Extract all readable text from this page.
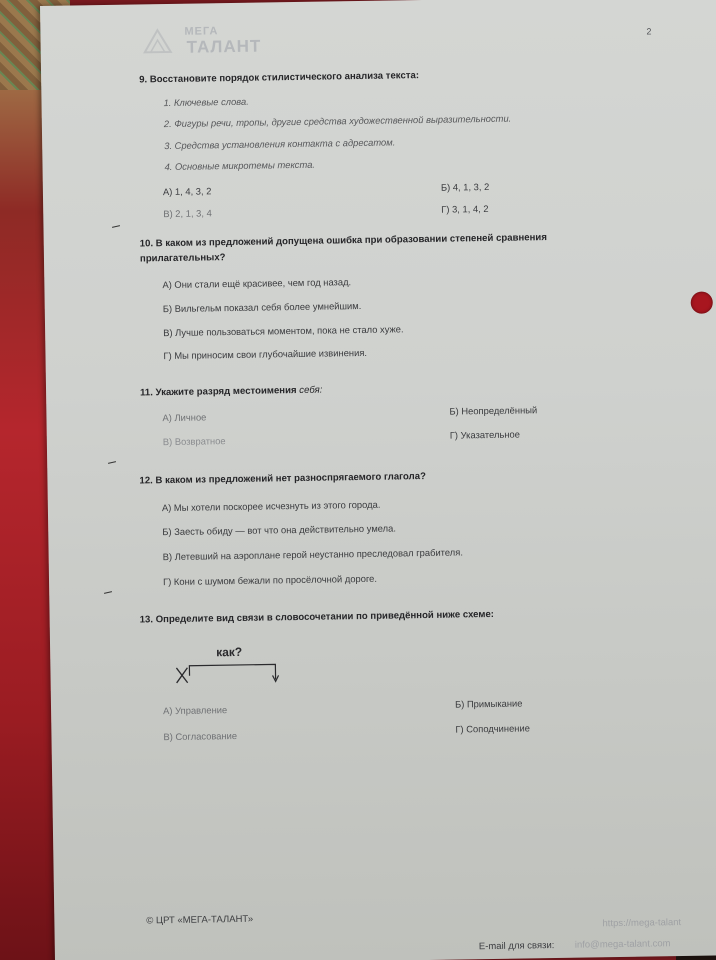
МЕГА
ТАЛАНТ
2
9. Восстановите порядок стилистического анализа текста:
1. Ключевые слова.
2. Фигуры речи, тропы, другие средства художественной выразительности.
3. Средства установления контакта с адресатом.
4. Основные микротемы текста.
А) 1, 4, 3, 2	Б) 4, 1, 3, 2
В) 2, 1, 3, 4	Г) 3, 1, 4, 2
10. В каком из предложений допущена ошибка при образовании степеней сравнения
прилагательных?
А) Они стали ещё красивее, чем год назад.
Б) Вильгельм показал себя более умнейшим.
В) Лучше пользоваться моментом, пока не стало хуже.
Г) Мы приносим свои глубочайшие извинения.
11. Укажите разряд местоимения себя:
А) Личное
Б) Неопределённый
В) Возвратное
Г) Указательное
12. В каком из предложений нет разноспрягаемого глагола?
А) Мы хотели поскорее исчезнуть из этого города.
Б) Заесть обиду — вот что она действительно умела.
В) Летевший на аэроплане герой неустанно преследовал грабителя.
Г) Кони с шумом бежали по просёлочной дороге.
13. Определите вид связи в словосочетании по приведённой ниже схеме:
как?
А) Управление
Б) Примыкание
В) Согласование
Г) Соподчинение
© ЦРТ «МЕГА-ТАЛАНТ»	https://mega-talant
E-mail для связи: info@mega-talant.com
